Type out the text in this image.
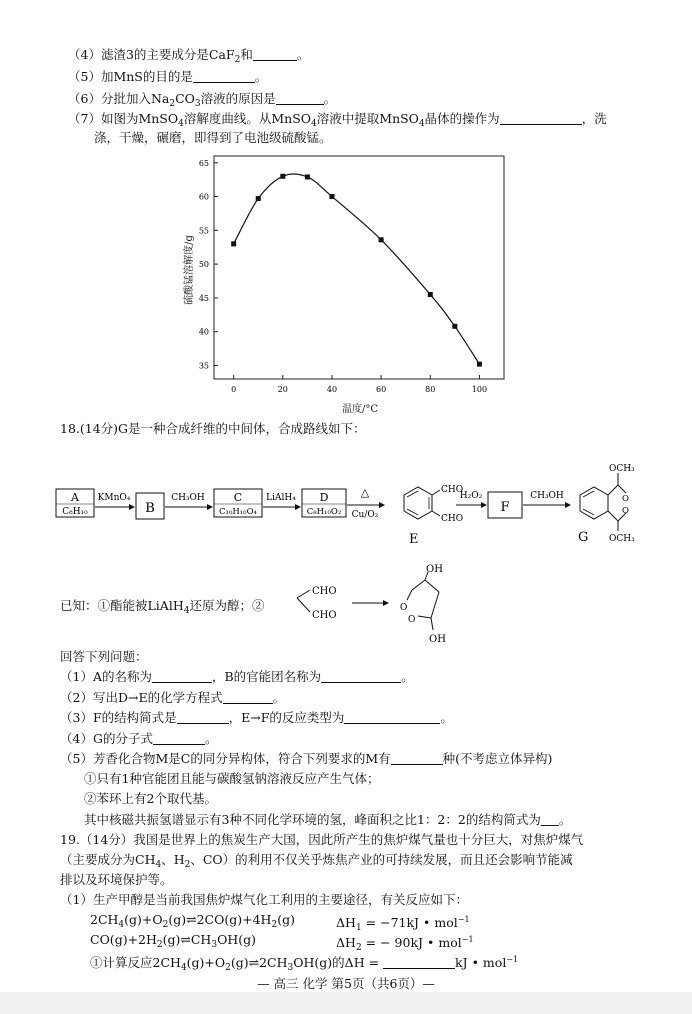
（4）滤渣3的主要成分是CaF$_2$和	。
（5）加MnS的目的是	。
（6）分批加入$Na_2CO_3$溶液的原因是	。
（7）如图为MnSO$_4$溶解度曲线。从MnSO$_4$溶液中提取MnSO$_4$晶体的操作为	，洗
涤，干燥，碾磨，即得到了电池级硫酸锰。
0	20	40	60	80	100
35
40
45
50
55
60
65
温度/°C
硫酸锰溶解度/g
18.(14分)G是一种合成纤维的中间体，合成路线如下：
A
C₈H₁₀
KMnO₄
B
CH₃OH	C
C₁₀H₁₀O₄
LiAlH₄ D
C₈H₁₀O₂
△
Cu/O₂
CHO
CHO
E
H₂O₂
F
CH₃OH	O
O
OCH₃
OCH₃
G
已知：①酯能被LiAlH$_4$还原为醇；②
CHO
CHO
O
O
OH
OH
回答下列问题：
（1）A的名称为	，B的官能团名称为	。
（2）写出D→E的化学方程式	。
（3）F的结构简式是	，E→F的反应类型为	。
（4）G的分子式	。
（5）芳香化合物M是C的同分异构体，符合下列要求的M有	种(不考虑立体异构)
①只有1种官能团且能与碳酸氢钠溶液反应产生气体；
②苯环上有2个取代基。
其中核磁共振氢谱显示有3种不同化学环境的氢，峰面积之比1：2：2的结构简式为 。
19.（14分）我国是世界上的焦炭生产大国，因此所产生的焦炉煤气量也十分巨大，对焦炉煤气
（主要成分为$CH_4$、$H_2$、CO）的利用不仅关乎炼焦产业的可持续发展，而且还会影响节能减
排以及环境保护等。
（1）生产甲醇是当前我国焦炉煤气化工利用的主要途径，有关反应如下：
$2CH_4(g)+O_2(g)\rightleftharpoons 2CO(g)+4H_2(g)$	$\Delta H_1 = -71kJ$ • mol$^{-1}$
$CO(g)+2H_2(g)\rightleftharpoons CH_3OH(g)$	$\Delta H_2$ = − 90kJ • mol$^{-1}$
①计算反应$2CH_4(g)+O_2(g)\rightleftharpoons 2CH_3OH(g)$的ΔH =	kJ • mol$^{-1}$
— 高三 化学 第5页（共6页）—
